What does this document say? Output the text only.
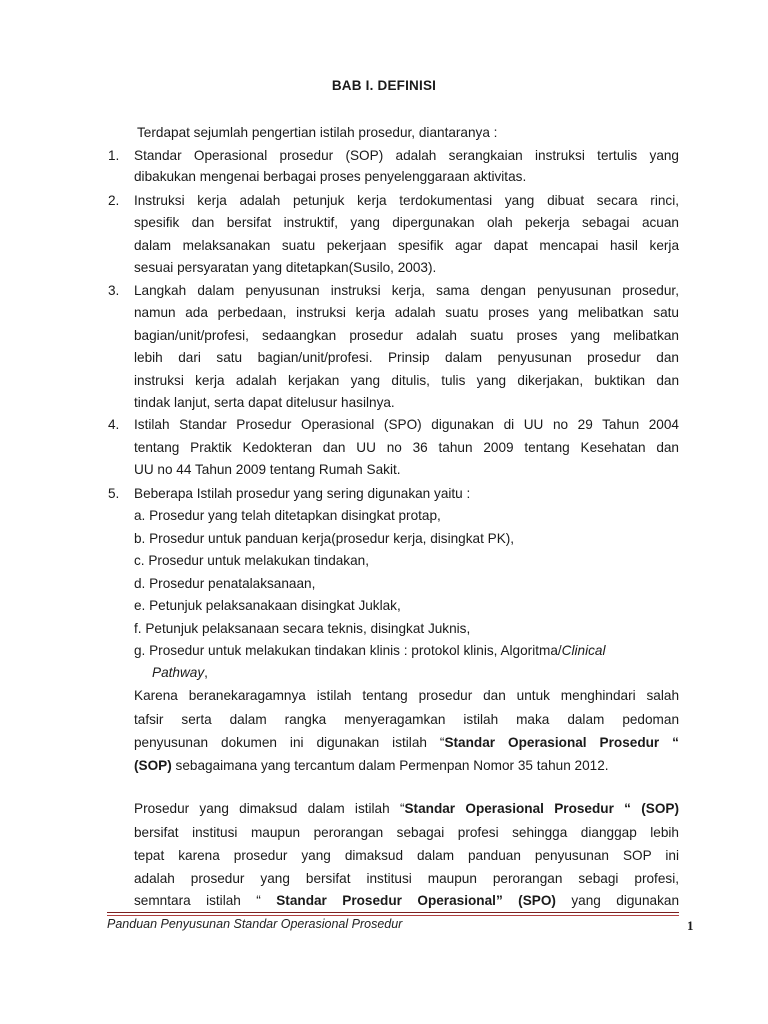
BAB I. DEFINISI
Terdapat sejumlah pengertian istilah prosedur, diantaranya :
1. Standar Operasional prosedur (SOP) adalah serangkaian instruksi tertulis yang
dibakukan mengenai berbagai proses penyelenggaraan aktivitas.
2. Instruksi kerja adalah petunjuk kerja terdokumentasi yang dibuat secara rinci,
spesifik dan bersifat instruktif, yang dipergunakan olah pekerja sebagai acuan
dalam melaksanakan suatu pekerjaan spesifik agar dapat mencapai hasil kerja
sesuai persyaratan yang ditetapkan(Susilo, 2003).
3. Langkah dalam penyusunan instruksi kerja, sama dengan penyusunan prosedur,
namun ada perbedaan, instruksi kerja adalah suatu proses yang melibatkan satu
bagian/unit/profesi, sedaangkan prosedur adalah suatu proses yang melibatkan
lebih dari satu bagian/unit/profesi. Prinsip dalam penyusunan prosedur dan
instruksi kerja adalah kerjakan yang ditulis, tulis yang dikerjakan, buktikan dan
tindak lanjut, serta dapat ditelusur hasilnya.
4. Istilah Standar Prosedur Operasional (SPO) digunakan di UU no 29 Tahun 2004
tentang Praktik Kedokteran dan UU no 36 tahun 2009 tentang Kesehatan dan
UU no 44 Tahun 2009 tentang Rumah Sakit.
5. Beberapa Istilah prosedur yang sering digunakan yaitu :
a. Prosedur yang telah ditetapkan disingkat protap,
b. Prosedur untuk panduan kerja(prosedur kerja, disingkat PK),
c. Prosedur untuk melakukan tindakan,
d. Prosedur penatalaksanaan,
e. Petunjuk pelaksanakaan disingkat Juklak,
f. Petunjuk pelaksanaan secara teknis, disingkat Juknis,
g. Prosedur untuk melakukan tindakan klinis : protokol klinis, Algoritma/Clinical
Pathway,
Karena beranekaragamnya istilah tentang prosedur dan untuk menghindari salah
tafsir serta dalam rangka menyeragamkan istilah maka dalam pedoman
penyusunan dokumen ini digunakan istilah “Standar Operasional Prosedur “
(SOP) sebagaimana yang tercantum dalam Permenpan Nomor 35 tahun 2012.
Prosedur yang dimaksud dalam istilah “Standar Operasional Prosedur “ (SOP)
bersifat institusi maupun perorangan sebagai profesi sehingga dianggap lebih
tepat karena prosedur yang dimaksud dalam panduan penyusunan SOP ini
adalah prosedur yang bersifat institusi maupun perorangan sebagi profesi,
semntara istilah “ Standar Prosedur Operasional” (SPO) yang digunakan
Panduan Penyusunan Standar Operasional Prosedur	1
